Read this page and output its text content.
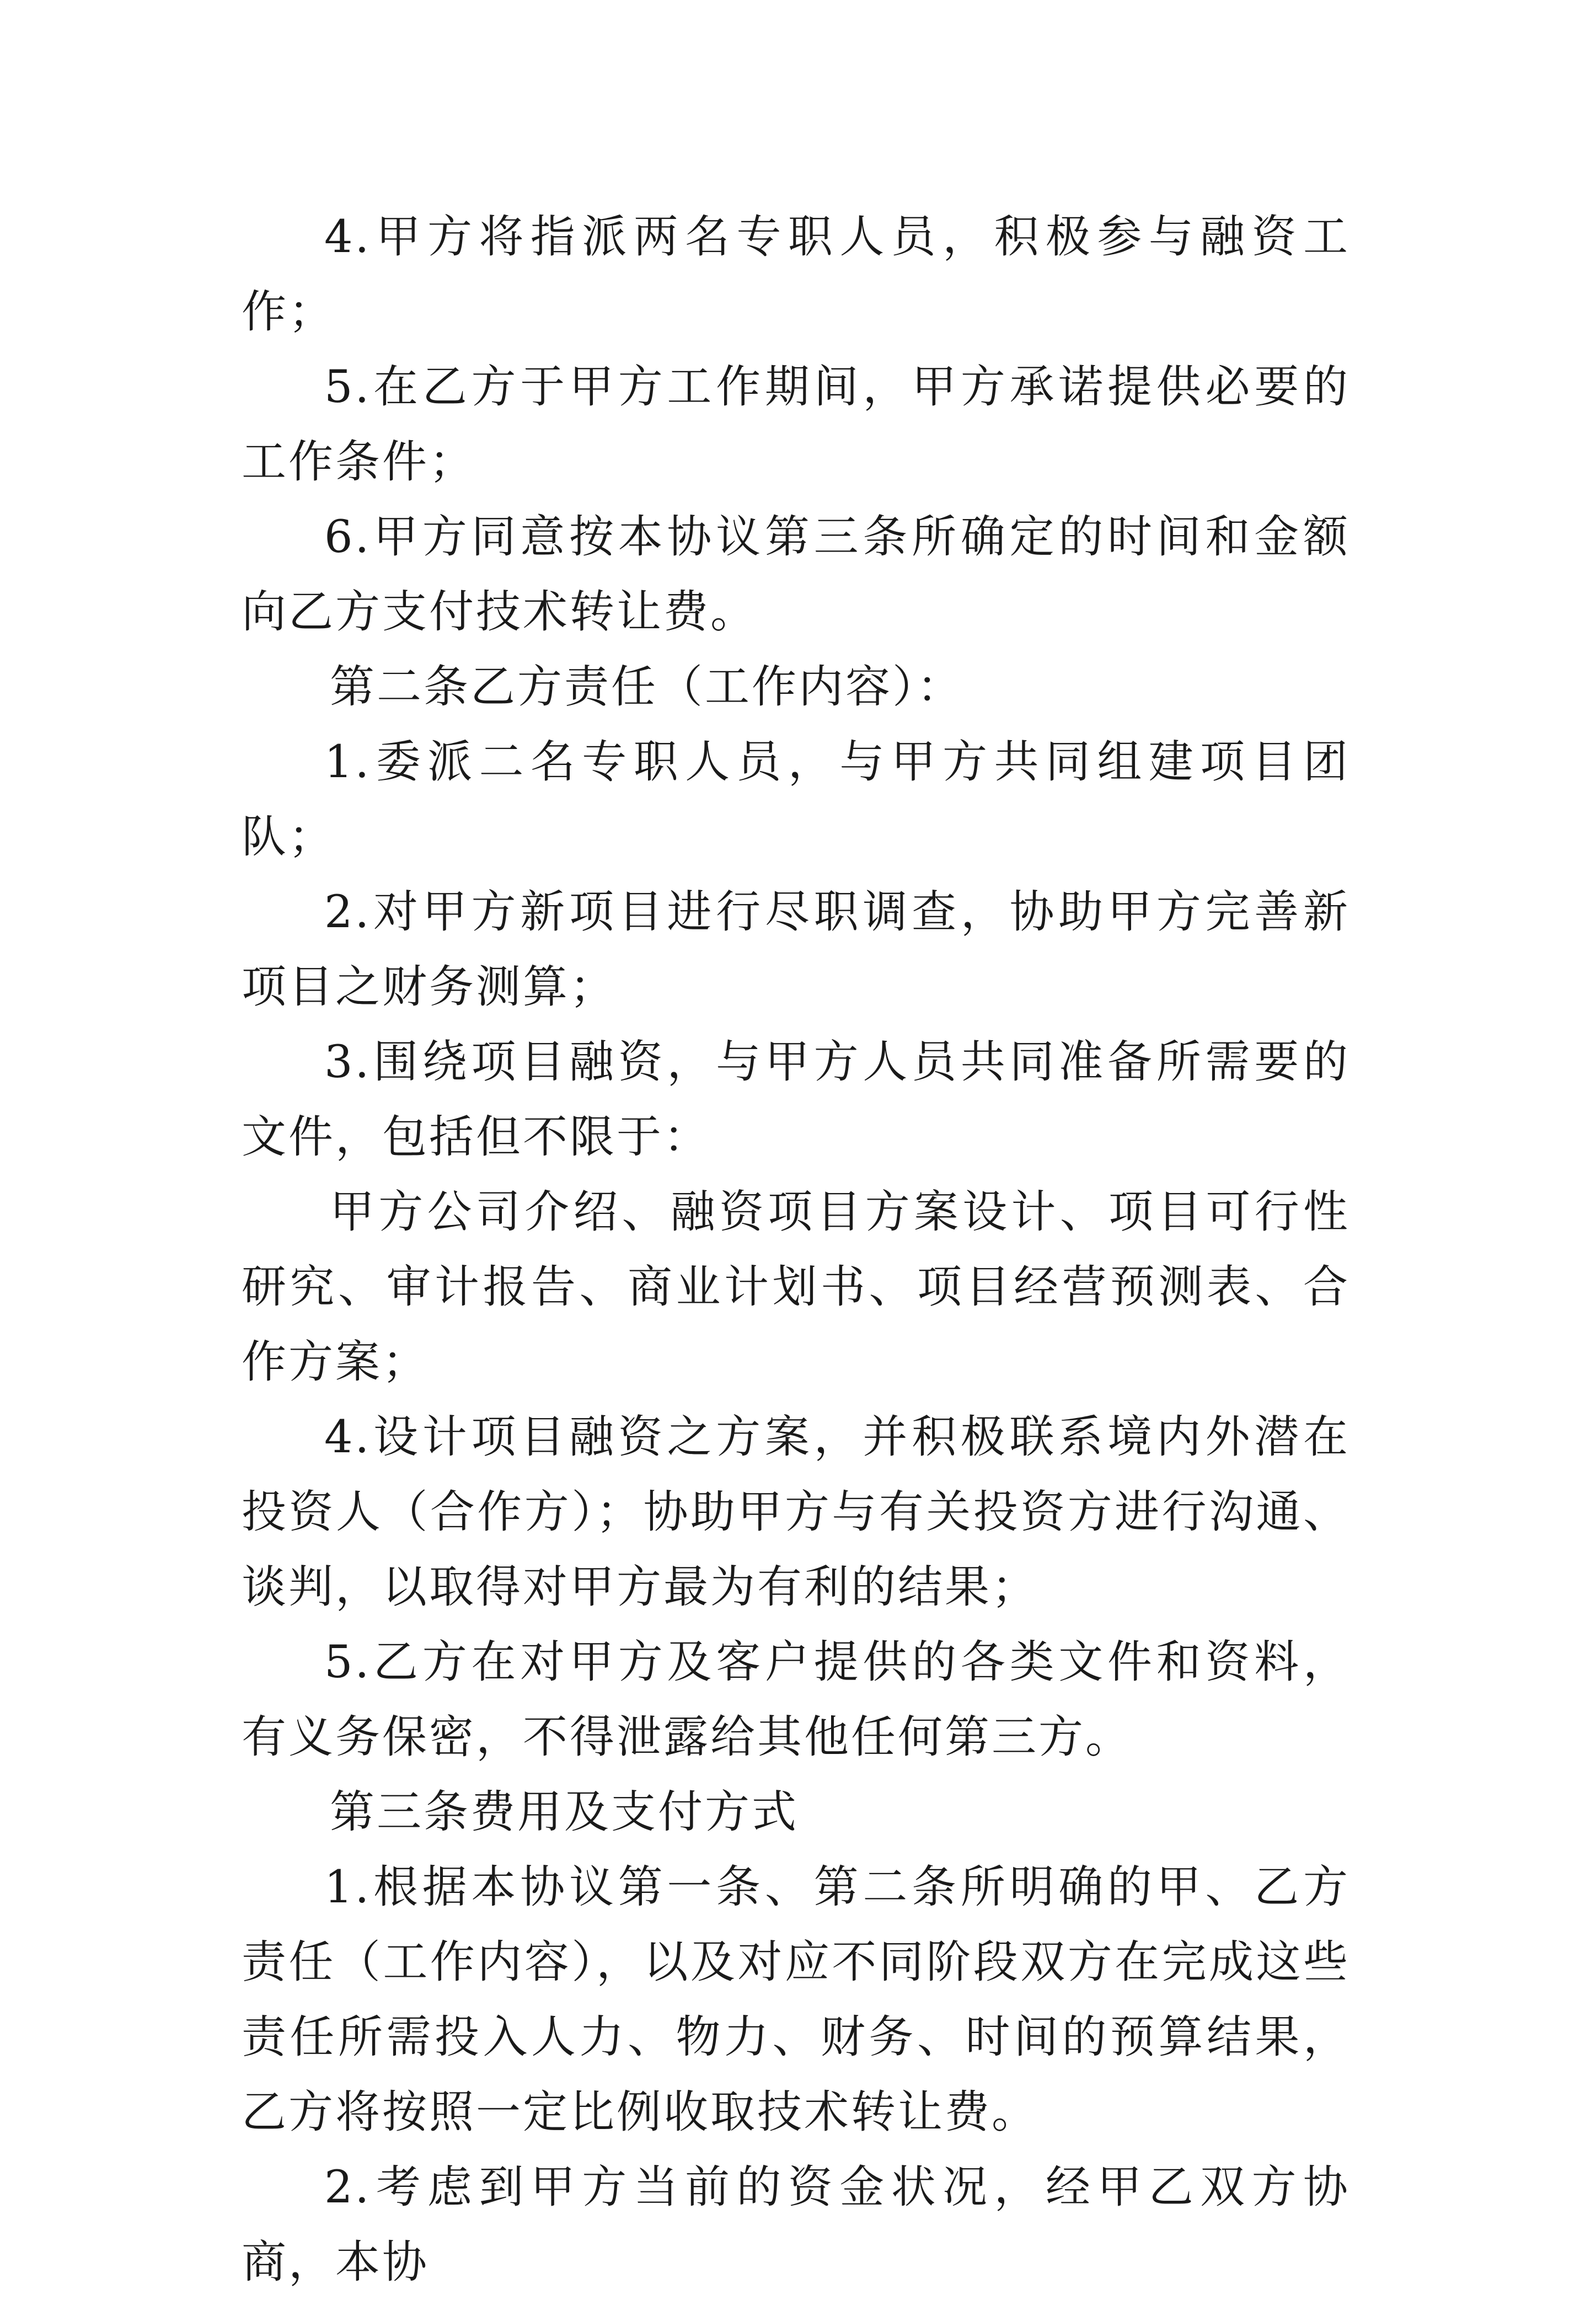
4.甲方将指派两名专职人员，积极参与融资工作；

5.在乙方于甲方工作期间，甲方承诺提供必要的工作条件；

6.甲方同意按本协议第三条所确定的时间和金额向乙方支付技术转让费。

第二条乙方责任（工作内容）：

1.委派二名专职人员，与甲方共同组建项目团队；

2.对甲方新项目进行尽职调查，协助甲方完善新项目之财务测算；

3.围绕项目融资，与甲方人员共同准备所需要的文件，包括但不限于：

甲方公司介绍、融资项目方案设计、项目可行性研究、审计报告、商业计划书、项目经营预测表、合作方案；

4.设计项目融资之方案，并积极联系境内外潜在投资人（合作方）；协助甲方与有关投资方进行沟通、谈判，以取得对甲方最为有利的结果；

5.乙方在对甲方及客户提供的各类文件和资料，有义务保密，不得泄露给其他任何第三方。

第三条费用及支付方式

1.根据本协议第一条、第二条所明确的甲、乙方责任（工作内容），以及对应不同阶段双方在完成这些责任所需投入人力、物力、财务、时间的预算结果，乙方将按照一定比例收取技术转让费。

2.考虑到甲方当前的资金状况，经甲乙双方协商，本协
